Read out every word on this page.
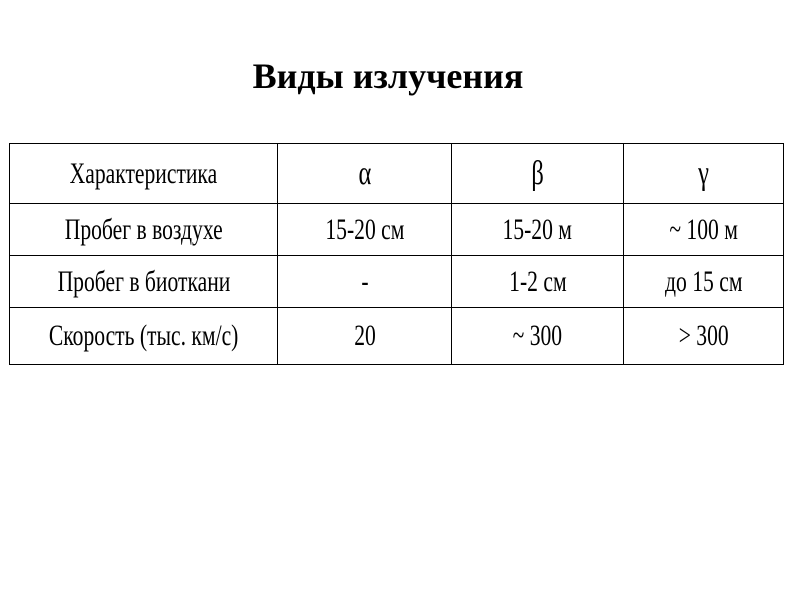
Виды излучения
Характеристика	α	β	γ
Пробег в воздухе	15-20 см	15-20 м	~ 100 м
Пробег в биоткани	-	1-2 см	до 15 см
Скорость (тыс. км/с)	20	~ 300	> 300
